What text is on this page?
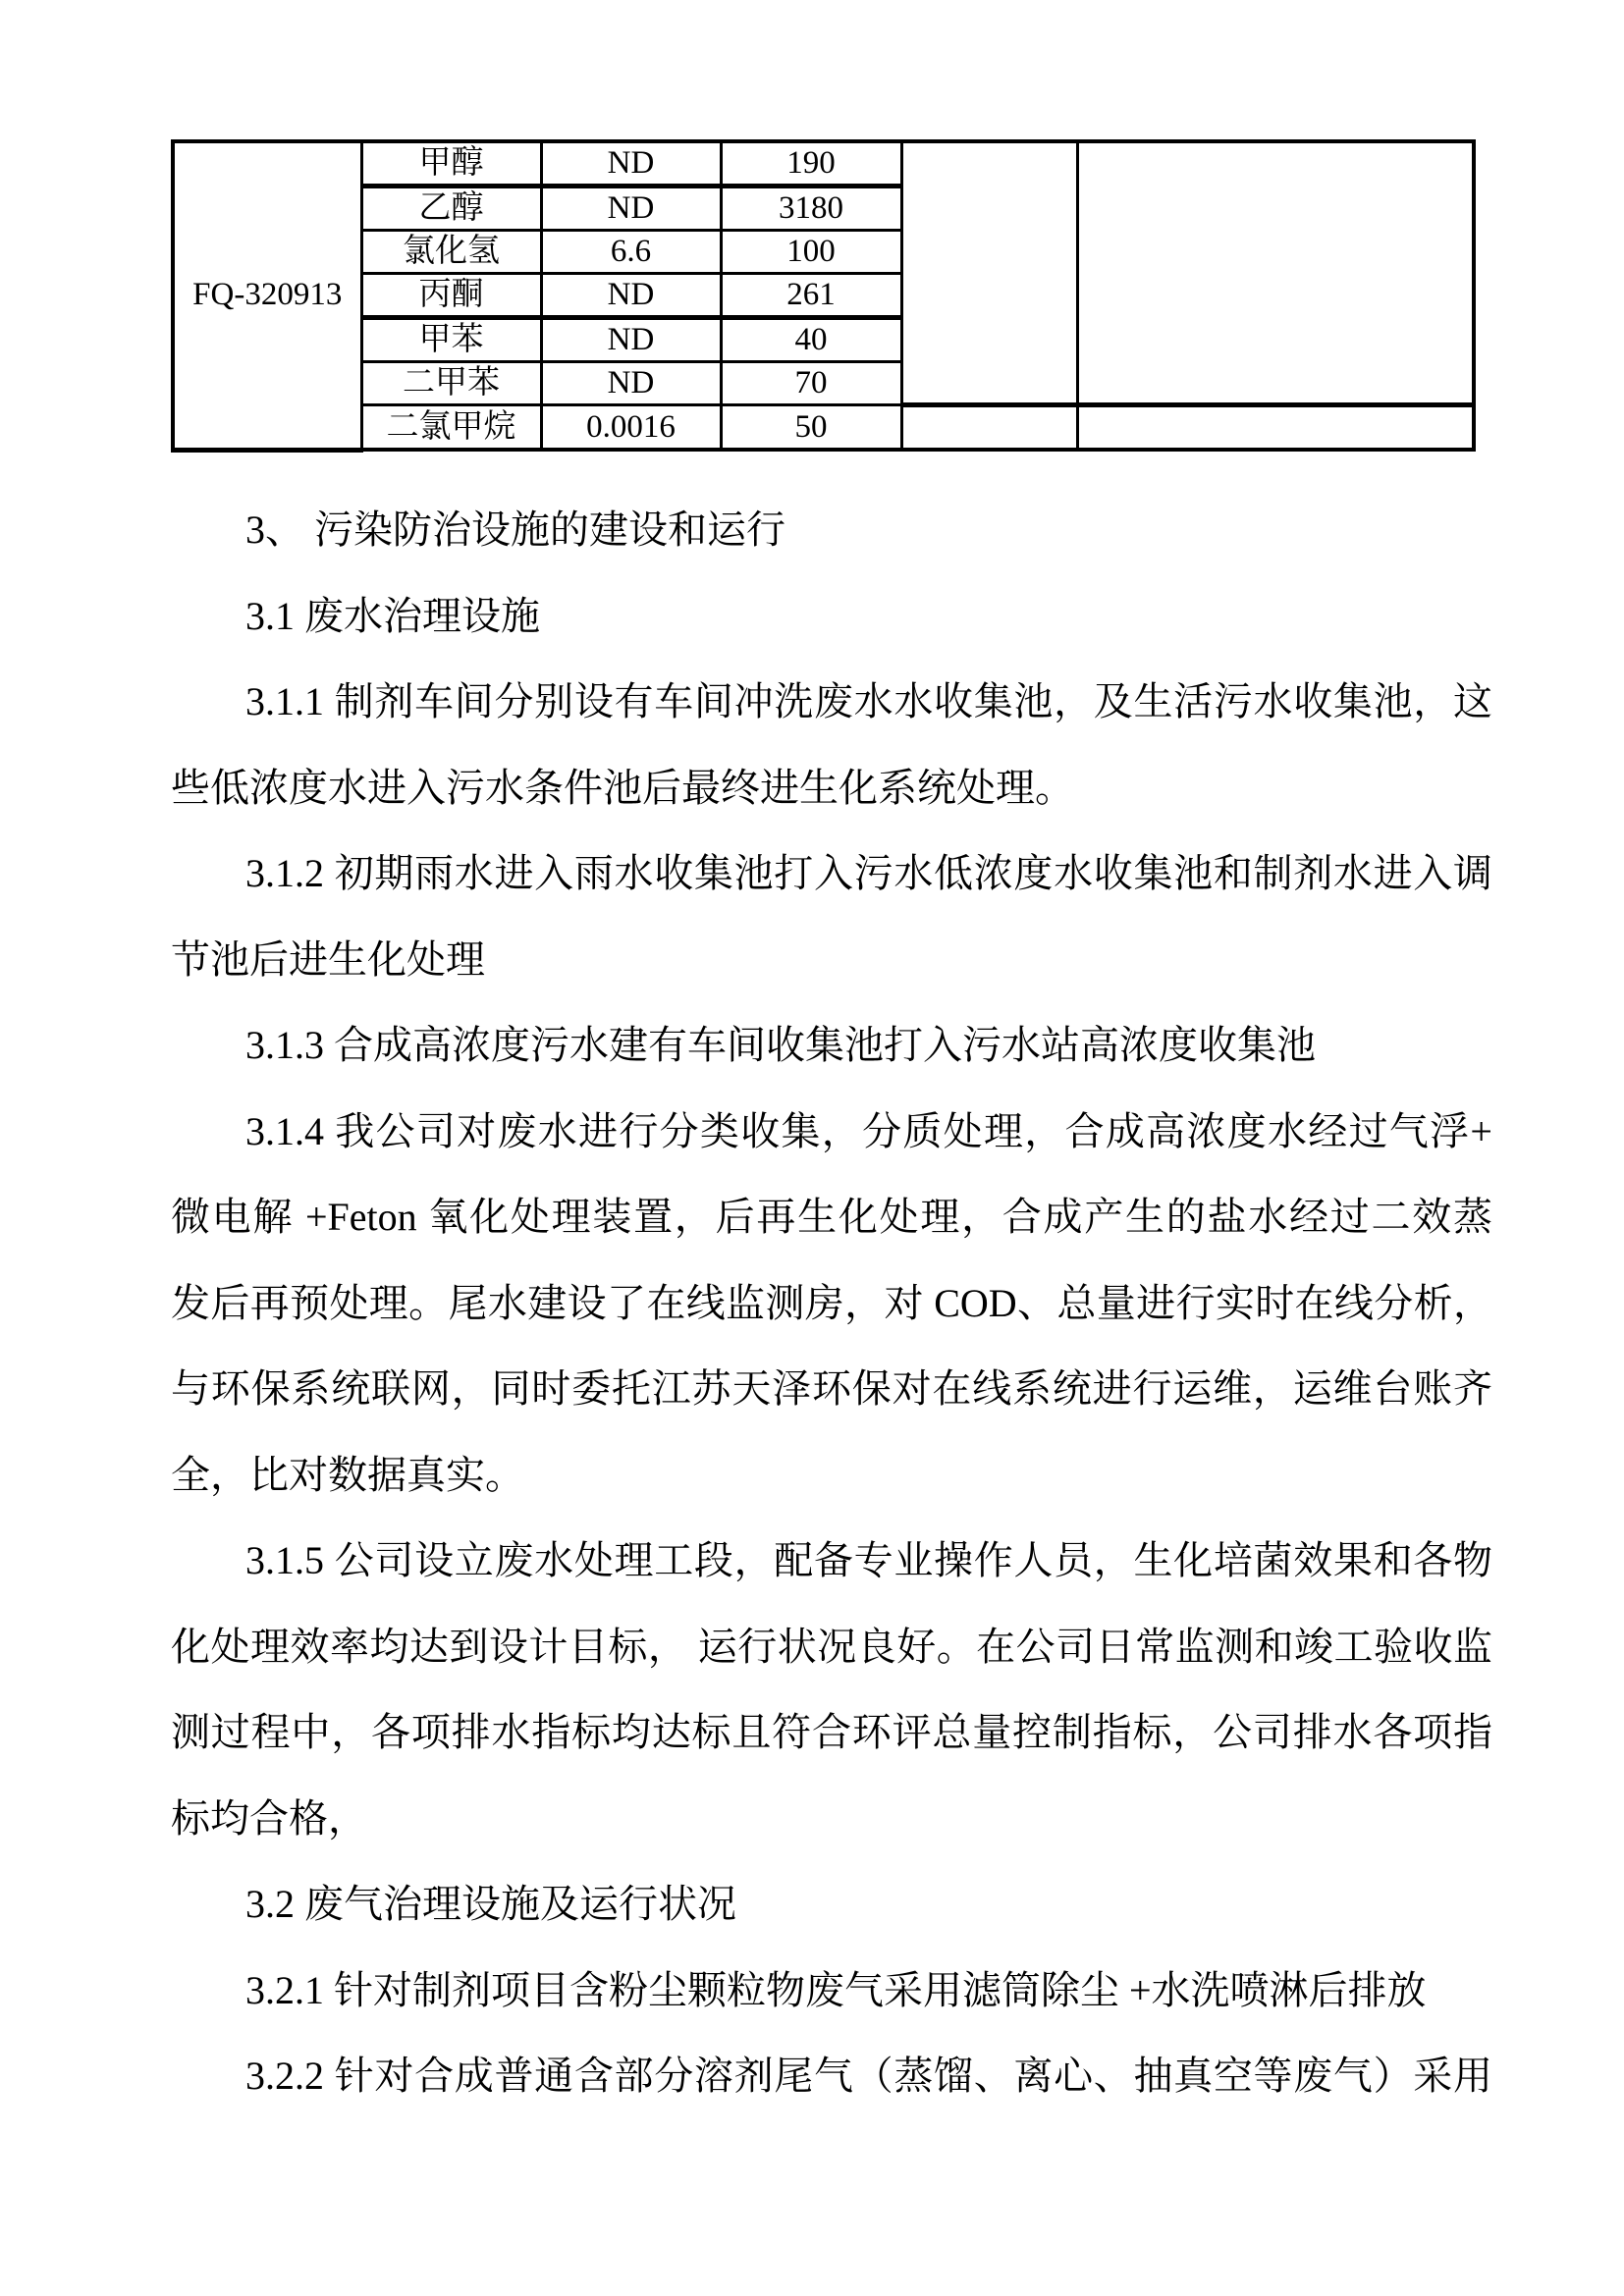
FQ-320913	甲醇	ND	190		
	乙醇	ND	3180		
	氯化氢	6.6	100		
	丙酮	ND	261		
	甲苯	ND	40		
	二甲苯	ND	70		
	二氯甲烷	0.0016	50		
3、 污染防治设施的建设和运行
3.1 废水治理设施
3.1.1 制剂车间分别设有车间冲洗废水水收集池，及生活污水收集池，这
些低浓度水进入污水条件池后最终进生化系统处理。
3.1.2 初期雨水进入雨水收集池打入污水低浓度水收集池和制剂水进入调
节池后进生化处理
3.1.3 合成高浓度污水建有车间收集池打入污水站高浓度收集池
3.1.4 我公司对废水进行分类收集，分质处理，合成高浓度水经过气浮+
微电解 +Feton 氧化处理装置，后再生化处理，合成产生的盐水经过二效蒸
发后再预处理。尾水建设了在线监测房，对 COD、总量进行实时在线分析，
与环保系统联网，同时委托江苏天泽环保对在线系统进行运维，运维台账齐
全，比对数据真实。
3.1.5 公司设立废水处理工段，配备专业操作人员，生化培菌效果和各物
化处理效率均达到设计目标， 运行状况良好。在公司日常监测和竣工验收监
测过程中，各项排水指标均达标且符合环评总量控制指标，公司排水各项指
标均合格，
3.2 废气治理设施及运行状况
3.2.1 针对制剂项目含粉尘颗粒物废气采用滤筒除尘 +水洗喷淋后排放
3.2.2 针对合成普通含部分溶剂尾气（蒸馏、离心、抽真空等废气）采用
